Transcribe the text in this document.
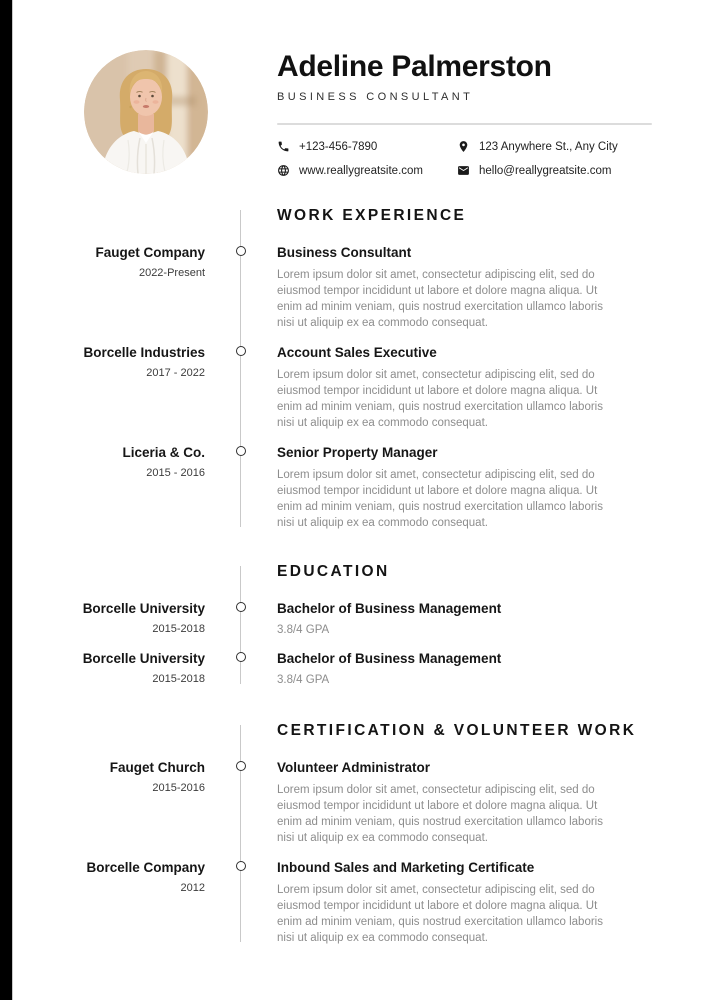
Adeline Palmerston
BUSINESS CONSULTANT
+123-456-7890	123 Anywhere St., Any City
www.reallygreatsite.com	hello@reallygreatsite.com
WORK EXPERIENCE
Fauget Company
2022-Present
Business Consultant

Lorem ipsum dolor sit amet, consectetur adipiscing elit, sed do eiusmod tempor incididunt ut labore et dolore magna aliqua. Ut enim ad minim veniam, quis nostrud exercitation ullamco laboris nisi ut aliquip ex ea commodo consequat.

Borcelle Industries
2017 - 2022
Account Sales Executive

Lorem ipsum dolor sit amet, consectetur adipiscing elit, sed do eiusmod tempor incididunt ut labore et dolore magna aliqua. Ut enim ad minim veniam, quis nostrud exercitation ullamco laboris nisi ut aliquip ex ea commodo consequat.

Liceria & Co.
2015 - 2016
Senior Property Manager

Lorem ipsum dolor sit amet, consectetur adipiscing elit, sed do eiusmod tempor incididunt ut labore et dolore magna aliqua. Ut enim ad minim veniam, quis nostrud exercitation ullamco laboris nisi ut aliquip ex ea commodo consequat.

EDUCATION
Borcelle University
2015-2018
Bachelor of Business Management

3.8/4 GPA

Borcelle University
2015-2018
Bachelor of Business Management

3.8/4 GPA

CERTIFICATION & VOLUNTEER WORK
Fauget Church
2015-2016
Volunteer Administrator

Lorem ipsum dolor sit amet, consectetur adipiscing elit, sed do eiusmod tempor incididunt ut labore et dolore magna aliqua. Ut enim ad minim veniam, quis nostrud exercitation ullamco laboris nisi ut aliquip ex ea commodo consequat.

Borcelle Company
2012
Inbound Sales and Marketing Certificate

Lorem ipsum dolor sit amet, consectetur adipiscing elit, sed do eiusmod tempor incididunt ut labore et dolore magna aliqua. Ut enim ad minim veniam, quis nostrud exercitation ullamco laboris nisi ut aliquip ex ea commodo consequat.
